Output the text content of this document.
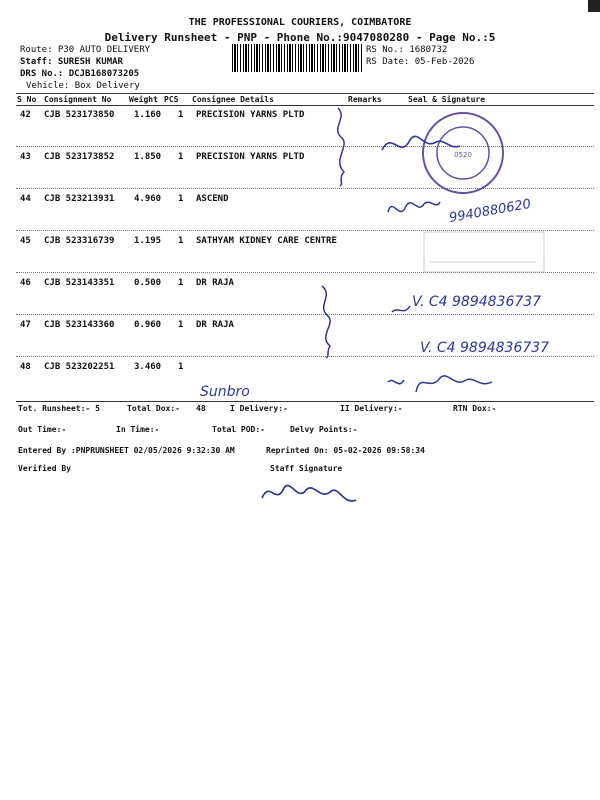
THE PROFESSIONAL COURIERS, COIMBATORE
Delivery Runsheet - PNP - Phone No.:9047080280 - Page No.:5
Route: P30 AUTO DELIVERY
Staff: SURESH KUMAR
DRS No.: DCJB168073205
Vehicle: Box Delivery
RS No.: 1680732
RS Date: 05-Feb-2026
S No Consignment No Weight PCS Consignee Details	Remarks	Seal & Signature
42 CJB 523173850 1.160 1 PRECISION YARNS PLTD
43 CJB 523173852 1.850 1 PRECISION YARNS PLTD
44 CJB 523213931 4.960 1 ASCEND
45 CJB 523316739 1.195 1 SATHYAM KIDNEY CARE CENTRE
46 CJB 523143351 0.500 1 DR RAJA
47 CJB 523143360 0.960 1 DR RAJA
48 CJB 523202251 3.460 1
Tot. Runsheet:- 5	Total Dox:- 48	I Delivery:-	II Delivery:-	RTN Dox:-
Out Time:-	In Time:-	Total POD:-	Delvy Points:-
Entered By :PNPRUNSHEET 02/05/2026 9:32:30 AM	Reprinted On: 05-02-2026 09:58:34
Verified By	Staff Signature
0520
9940880620
V. C4 9894836737
V. C4 9894836737
Sunbro
